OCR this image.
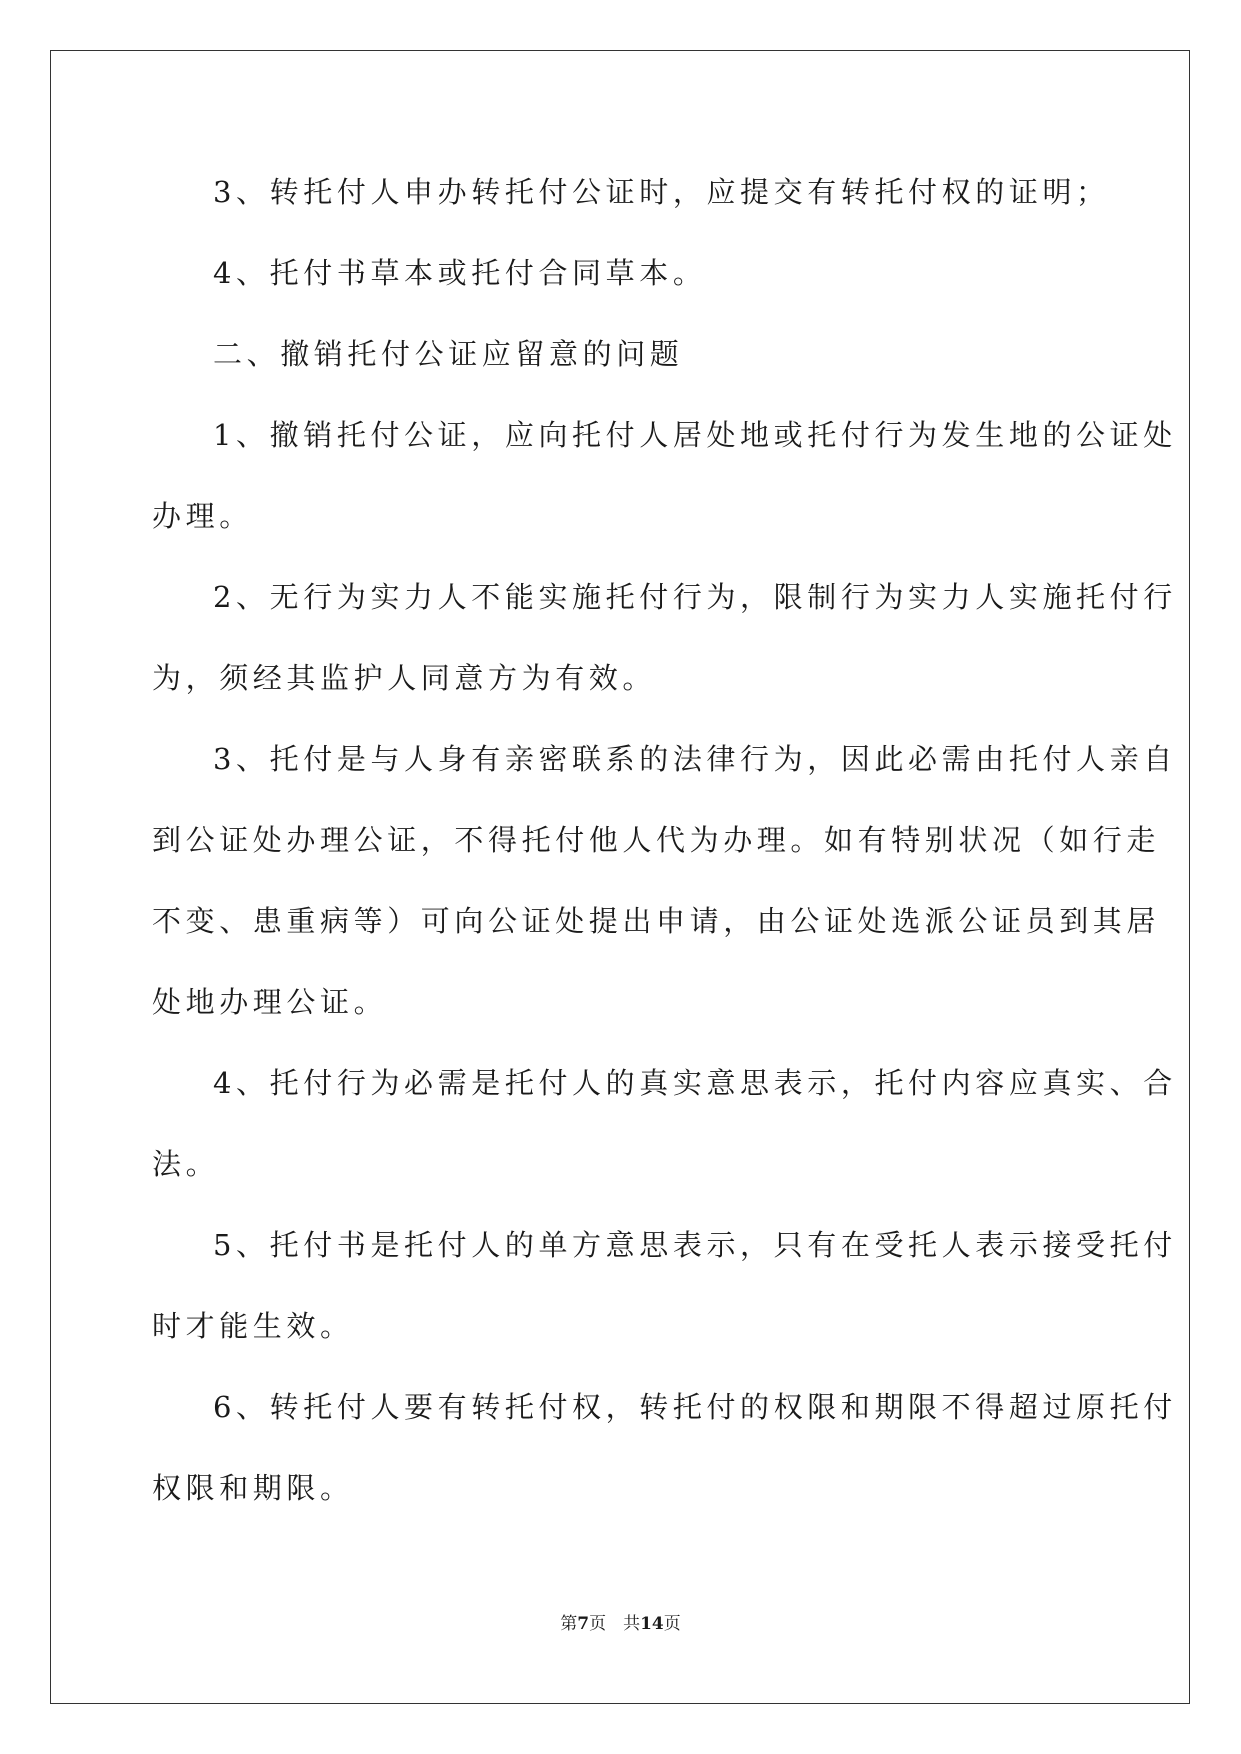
3、转托付人申办转托付公证时，应提交有转托付权的证明；
4、托付书草本或托付合同草本。
二、撤销托付公证应留意的问题
1、撤销托付公证，应向托付人居处地或托付行为发生地的公证处
办理。
2、无行为实力人不能实施托付行为，限制行为实力人实施托付行
为，须经其监护人同意方为有效。
3、托付是与人身有亲密联系的法律行为，因此必需由托付人亲自
到公证处办理公证，不得托付他人代为办理。如有特别状况（如行走
不变、患重病等）可向公证处提出申请，由公证处选派公证员到其居
处地办理公证。
4、托付行为必需是托付人的真实意思表示，托付内容应真实、合
法。
5、托付书是托付人的单方意思表示，只有在受托人表示接受托付
时才能生效。
6、转托付人要有转托付权，转托付的权限和期限不得超过原托付
权限和期限。
第7页　共14页
